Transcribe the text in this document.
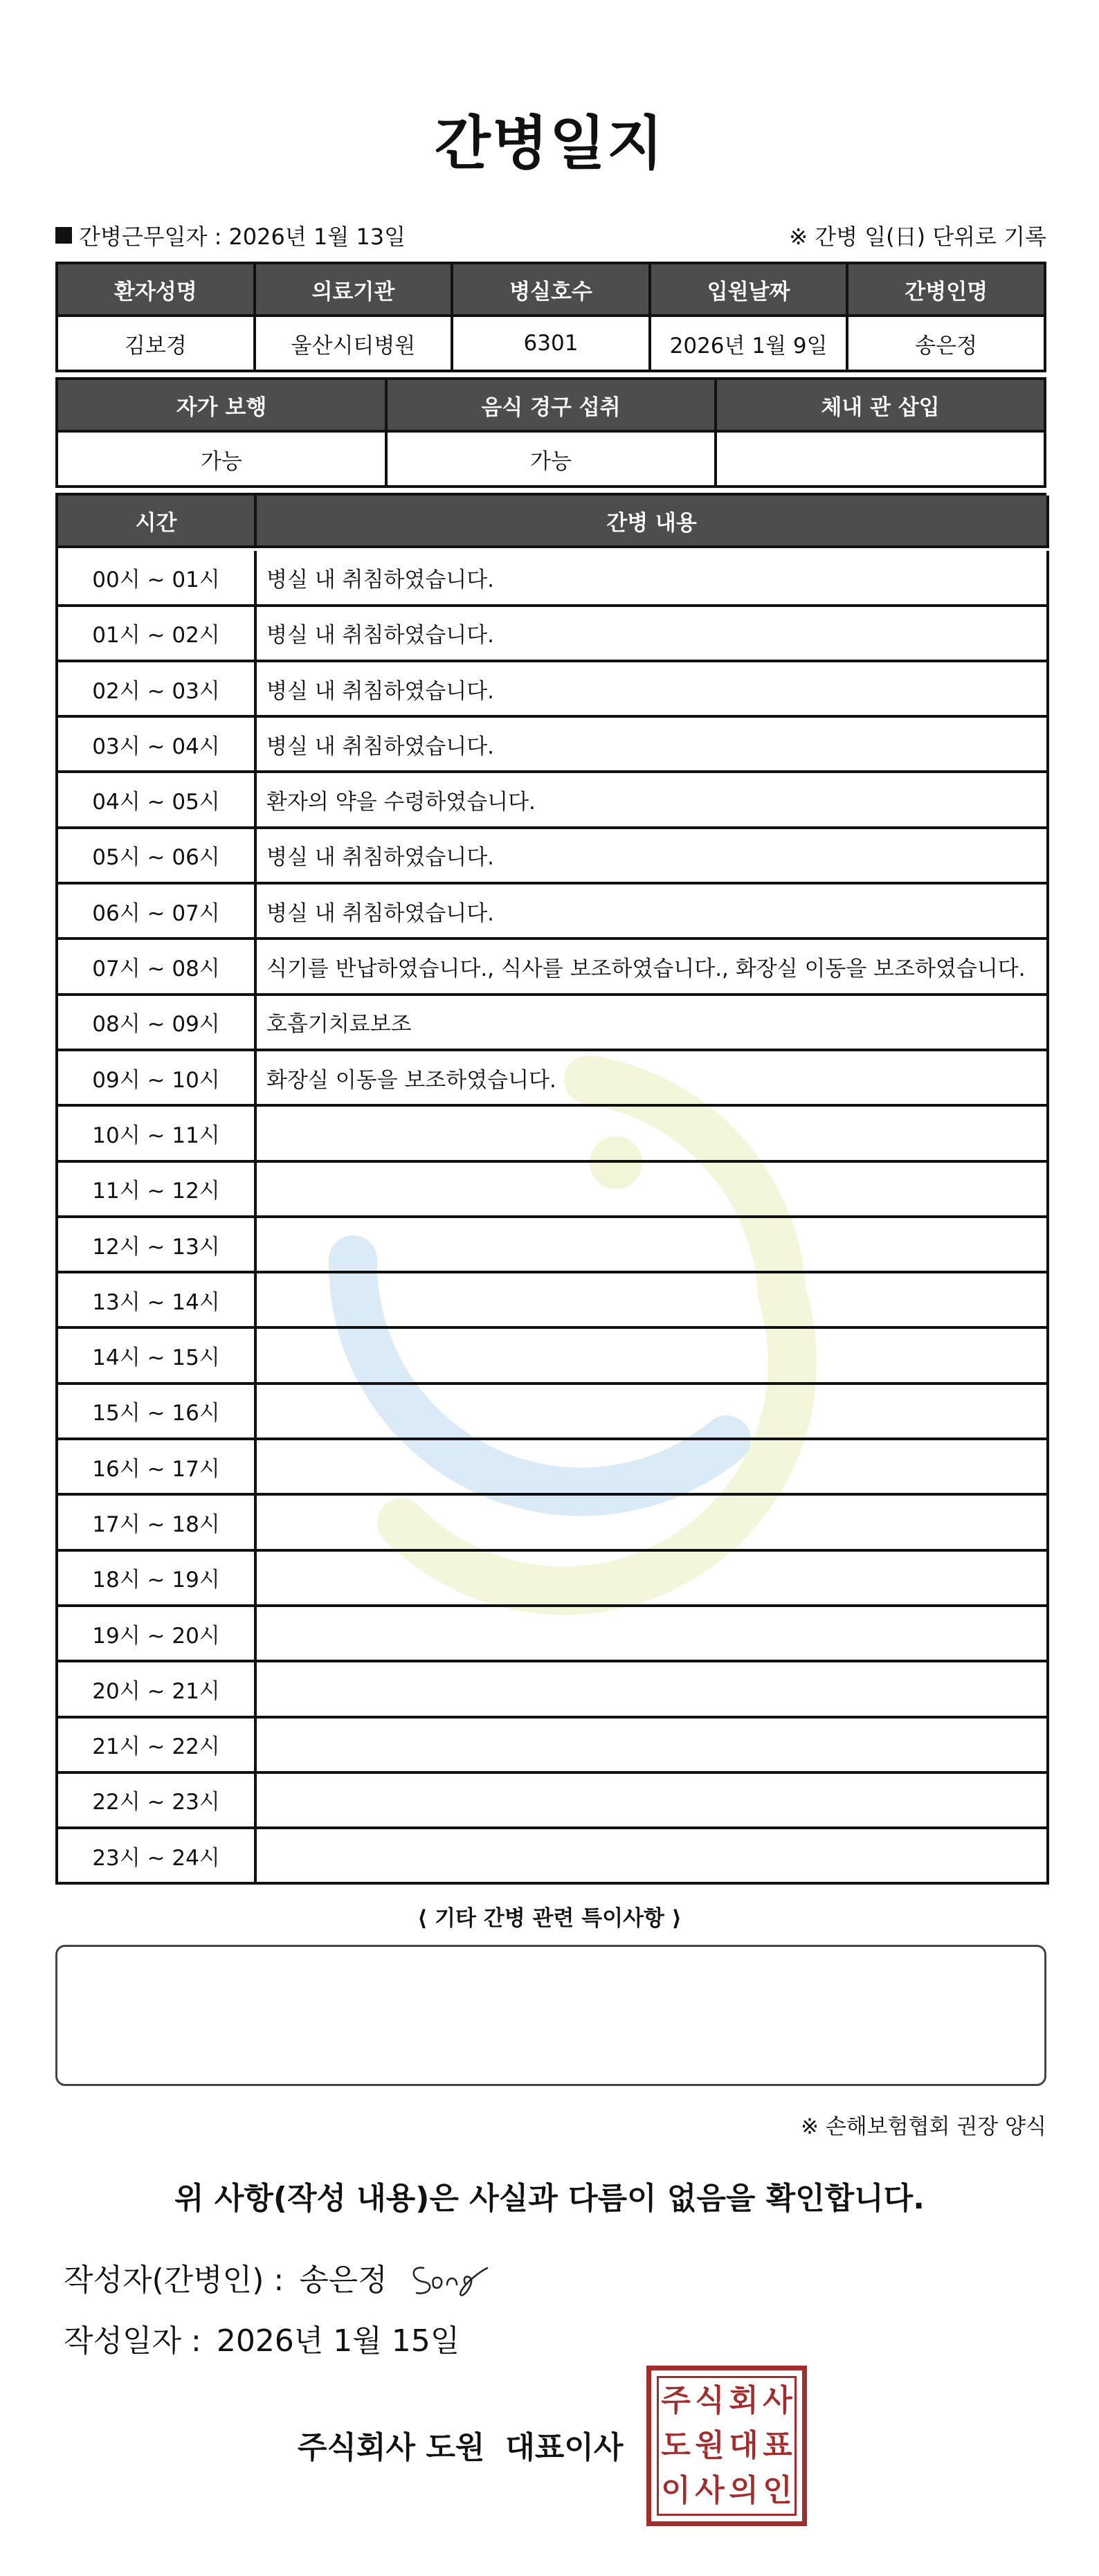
간병일지
간병근무일자 : 2026년 1월 13일	※ 간병 일(日) 단위로 기록
환자성명	의료기관	병실호수	입원날짜	간병인명
김보경	울산시티병원	6301	2026년 1월 9일	송은정
자가 보행	음식 경구 섭취	체내 관 삽입
가능	가능
시간	간병 내용
00시 ~ 01시	병실 내 취침하였습니다.
01시 ~ 02시	병실 내 취침하였습니다.
02시 ~ 03시	병실 내 취침하였습니다.
03시 ~ 04시	병실 내 취침하였습니다.
04시 ~ 05시	환자의 약을 수령하였습니다.
05시 ~ 06시	병실 내 취침하였습니다.
06시 ~ 07시	병실 내 취침하였습니다.
07시 ~ 08시	식기를 반납하였습니다., 식사를 보조하였습니다., 화장실 이동을 보조하였습니다.
08시 ~ 09시	호흡기치료보조
09시 ~ 10시	화장실 이동을 보조하였습니다.
10시 ~ 11시
11시 ~ 12시
12시 ~ 13시
13시 ~ 14시
14시 ~ 15시
15시 ~ 16시
16시 ~ 17시
17시 ~ 18시
18시 ~ 19시
19시 ~ 20시
20시 ~ 21시
21시 ~ 22시
22시 ~ 23시
23시 ~ 24시
⟨ 기타 간병 관련 특이사항 ⟩
※ 손해보험협회 권장 양식
위 사항(작성 내용)은 사실과 다름이 없음을 확인합니다.
작성자(간병인) : 송은정
작성일자 : 2026년 1월 15일
주식회사 도원 대표이사
주 식 회 사
도 원 대 표
이 사 의 인
